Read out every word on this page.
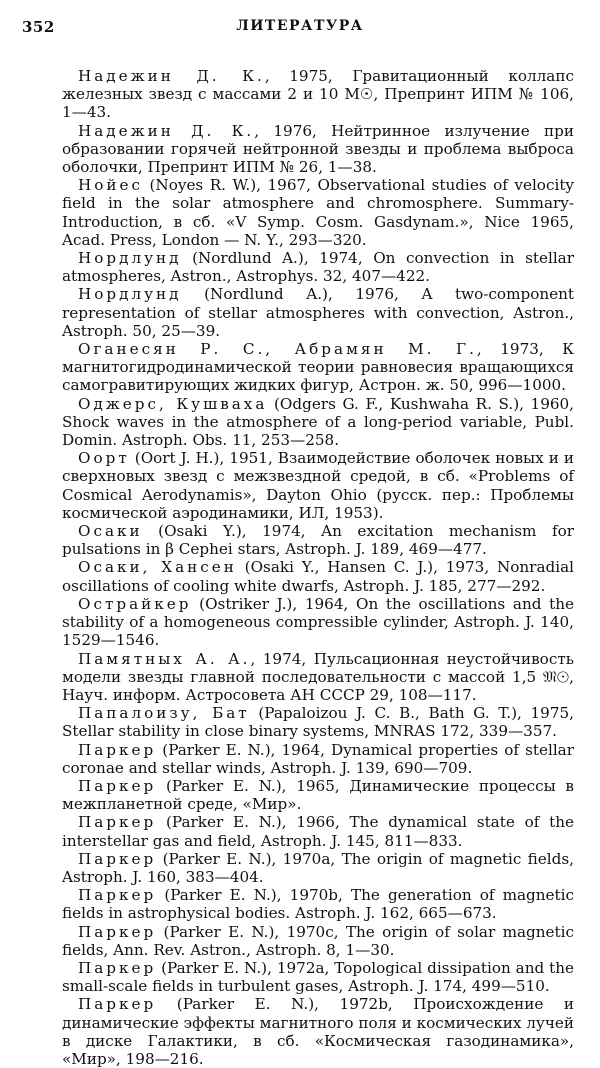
352	ЛИТЕРАТУРА

Надежин Д. К., 1975, Гравитационный коллапс железных звезд с массами 2 и 10 M☉, Препринт ИПМ № 106, 1—43.

Надежин Д. К., 1976, Нейтринное излучение при образовании горячей нейтронной звезды и проблема выброса оболочки, Препринт ИПМ № 26, 1—38.

Нойес (Noyes R. W.), 1967, Observational studies of velocity field in the solar atmosphere and chromosphere. Summary-Introduction, в сб. «V Symp. Cosm. Gasdynam.», Nice 1965, Acad. Press, London — N. Y., 293—320.

Нордлунд (Nordlund A.), 1974, On convection in stellar atmospheres, Astron., Astrophys. 32, 407—422.

Нордлунд (Nordlund A.), 1976, A two-component representation of stellar atmospheres with convection, Astron., Astroph. 50, 25—39.

Оганесян Р. С., Абрамян М. Г., 1973, К магнитогидродинамической теории равновесия вращающихся самогравитирующих жидких фигур, Астрон. ж. 50, 996—1000.

Оджерс, Кушваха (Odgers G. F., Kushwaha R. S.), 1960, Shock waves in the atmosphere of a long-period variable, Publ. Domin. Astroph. Obs. 11, 253—258.

Оорт (Oort J. H.), 1951, Взаимодействие оболочек новых и и сверхновых звезд с межзвездной средой, в сб. «Problems of Cosmical Aerodynamis», Dayton Ohio (русск. пер.: Проблемы космической аэродинамики, ИЛ, 1953).

Осаки (Osaki Y.), 1974, An excitation mechanism for pulsations in β Cephei stars, Astroph. J. 189, 469—477.

Осаки, Хансен (Osaki Y., Hansen C. J.), 1973, Nonradial oscillations of cooling white dwarfs, Astroph. J. 185, 277—292.

Острайкер (Ostriker J.), 1964, On the oscillations and the stability of a homogeneous compressible cylinder, Astroph. J. 140, 1529—1546.

Памятных А. А., 1974, Пульсационная неустойчивость модели звезды главной последовательности с массой 1,5 𝔐☉, Науч. информ. Астросовета АН СССР 29, 108—117.

Папалоизу, Бат (Papaloizou J. C. B., Bath G. T.), 1975, Stellar stability in close binary systems, MNRAS 172, 339—357.

Паркер (Parker E. N.), 1964, Dynamical properties of stellar coronae and stellar winds, Astroph. J. 139, 690—709.

Паркер (Parker E. N.), 1965, Динамические процессы в межпланетной среде, «Мир».

Паркер (Parker E. N.), 1966, The dynamical state of the interstellar gas and field, Astroph. J. 145, 811—833.

Паркер (Parker E. N.), 1970a, The origin of magnetic fields, Astroph. J. 160, 383—404.

Паркер (Parker E. N.), 1970b, The generation of magnetic fields in astrophysical bodies. Astroph. J. 162, 665—673.

Паркер (Parker E. N.), 1970c, The origin of solar magnetic fields, Ann. Rev. Astron., Astroph. 8, 1—30.

Паркер (Parker E. N.), 1972a, Topological dissipation and the small-scale fields in turbulent gases, Astroph. J. 174, 499—510.

Паркер (Parker E. N.), 1972b, Происхождение и динамические эффекты магнитного поля и космических лучей в диске Галактики, в сб. «Космическая газодинамика», «Мир», 198—216.
